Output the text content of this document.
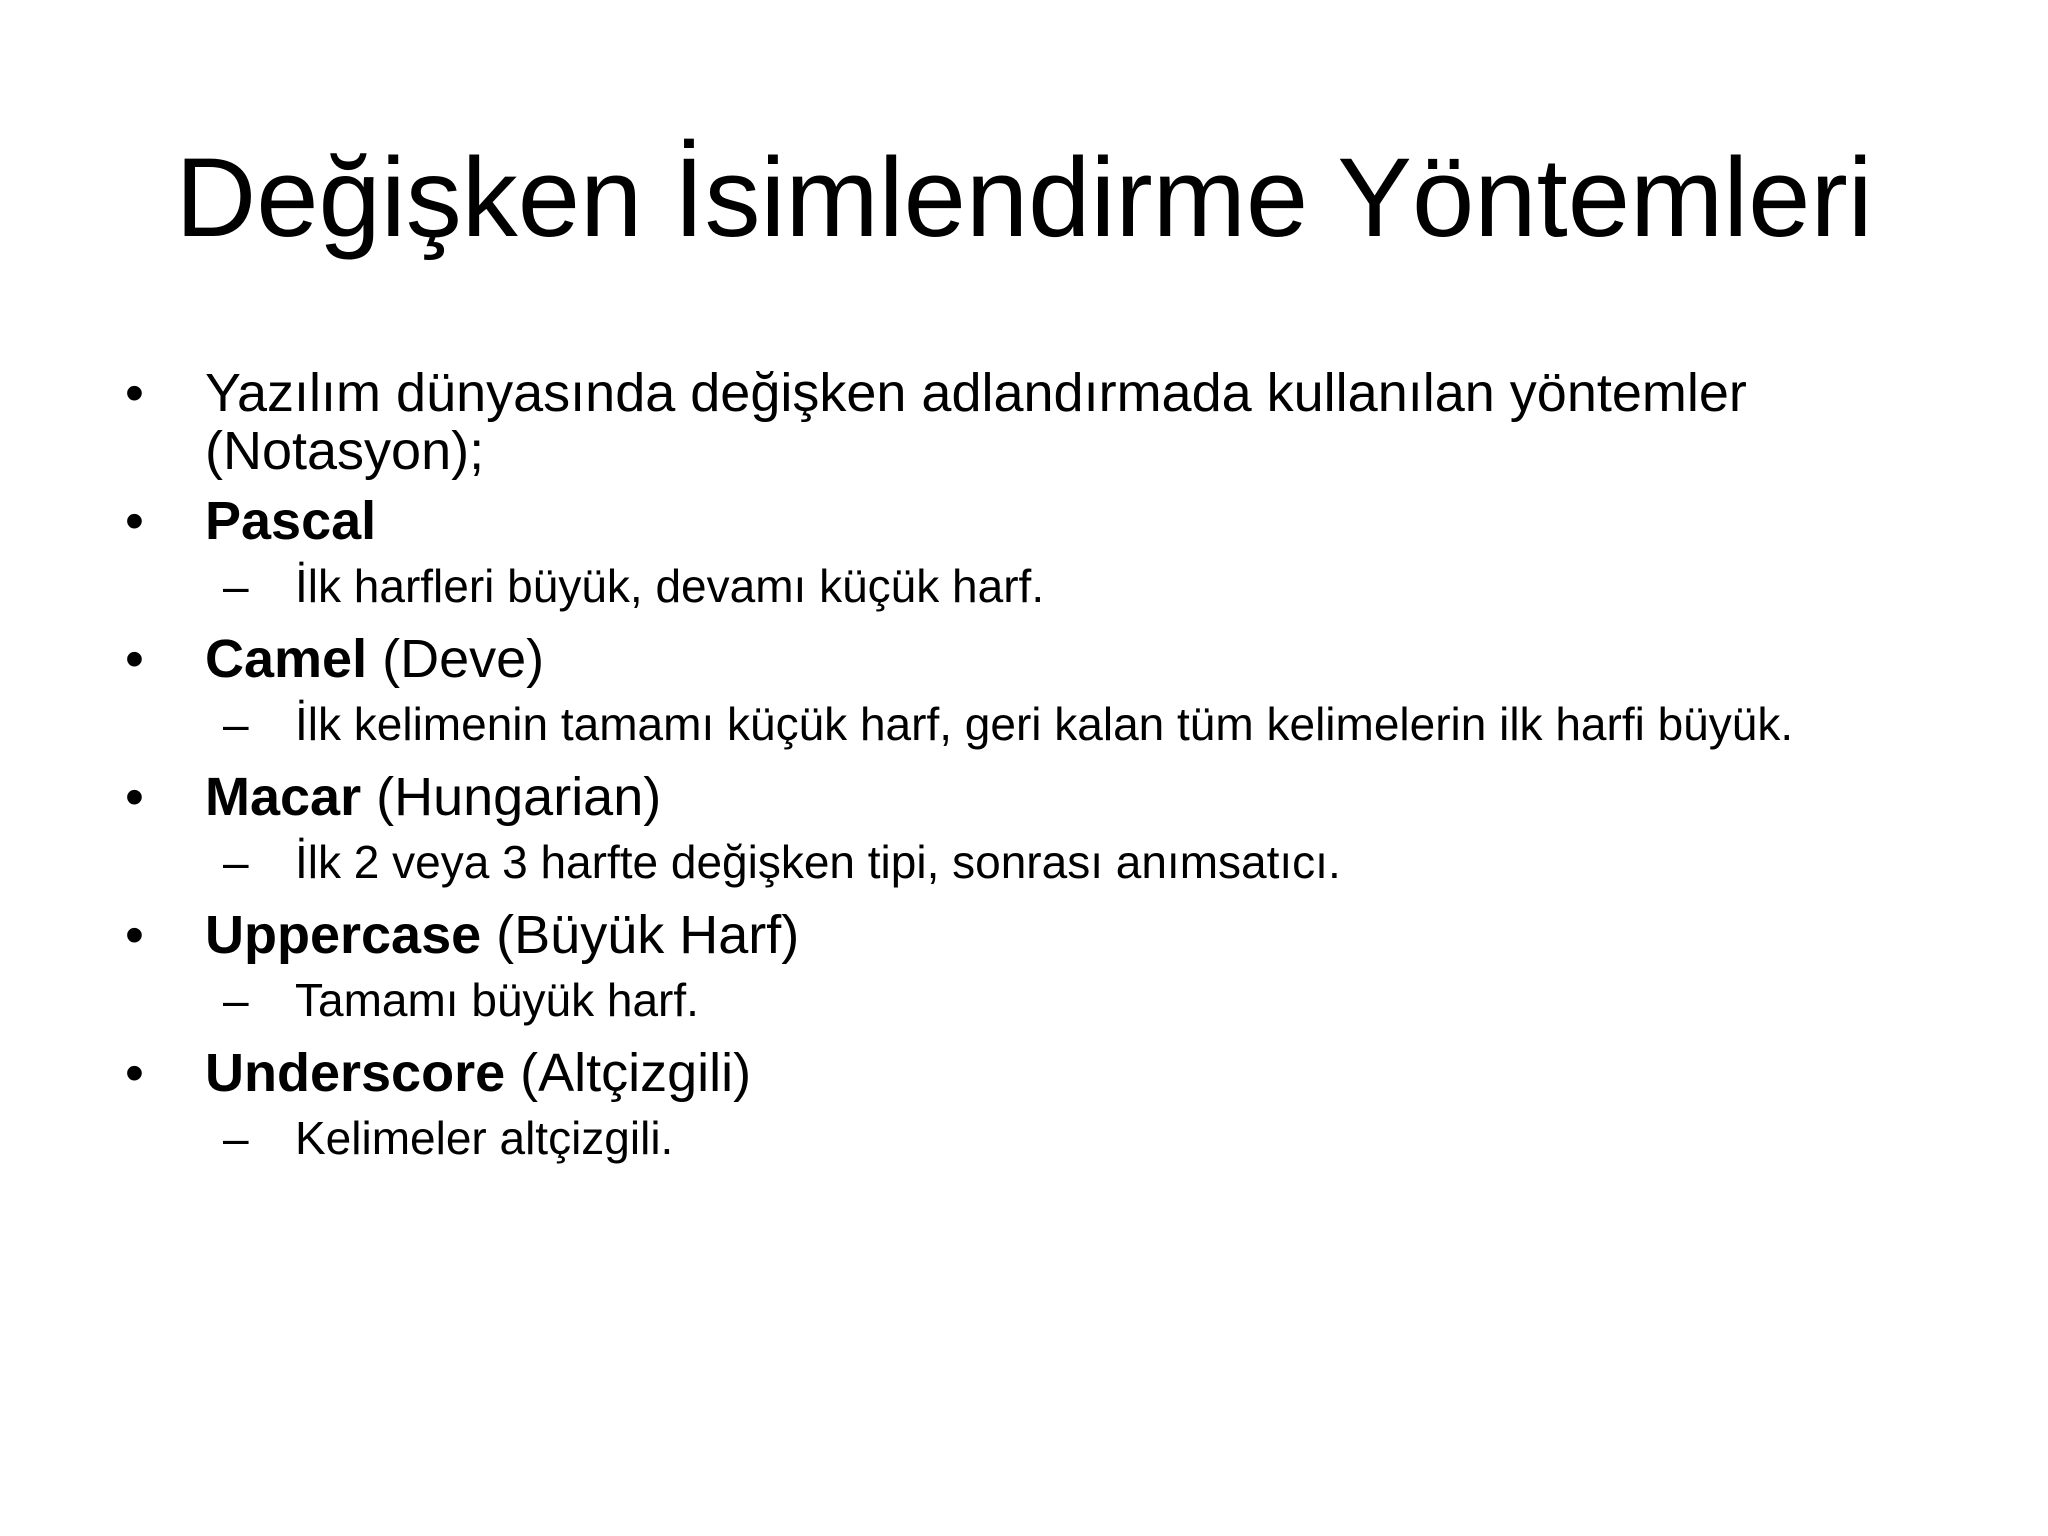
Değişken İsimlendirme Yöntemleri
•	Yazılım dünyasında değişken adlandırmada kullanılan yöntemler (Notasyon);
•	Pascal
– İlk harfleri büyük, devamı küçük harf.
•	Camel (Deve)
– İlk kelimenin tamamı küçük harf, geri kalan tüm kelimelerin ilk harfi büyük.
•	Macar (Hungarian)
– İlk 2 veya 3 harfte değişken tipi, sonrası anımsatıcı.
•	Uppercase (Büyük Harf)
– Tamamı büyük harf.
•	Underscore (Altçizgili)
– Kelimeler altçizgili.
